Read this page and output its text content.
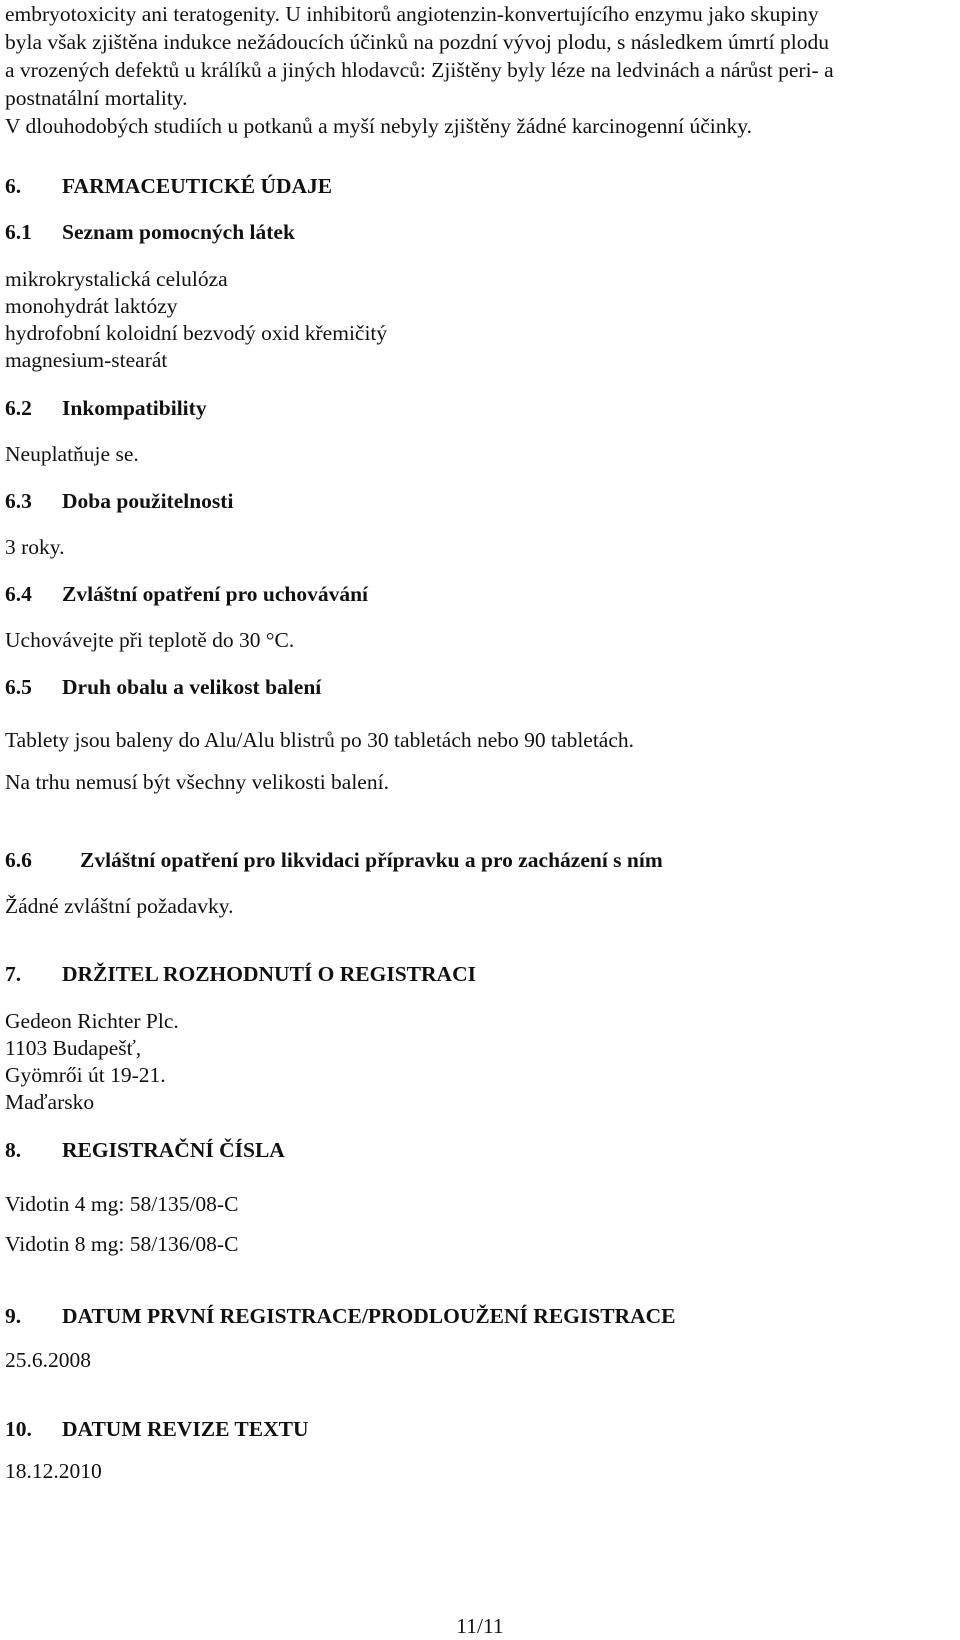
embryotoxicity ani teratogenity. U inhibitorů angiotenzin-konvertujícího enzymu jako skupiny
byla však zjištěna indukce nežádoucích účinků na pozdní vývoj plodu, s následkem úmrtí plodu
a vrozených defektů u králíků a jiných hlodavců: Zjištěny byly léze na ledvinách a nárůst peri- a
postnatální mortality.
V dlouhodobých studiích u potkanů a myší nebyly zjištěny žádné karcinogenní účinky.

6. FARMACEUTICKÉ ÚDAJE
6.1 Seznam pomocných látek
mikrokrystalická celulóza
monohydrát laktózy
hydrofobní koloidní bezvodý oxid křemičitý
magnesium-stearát
6.2 Inkompatibility
Neuplatňuje se.
6.3 Doba použitelnosti
3 roky.
6.4 Zvláštní opatření pro uchovávání
Uchovávejte při teplotě do 30 °C.
6.5 Druh obalu a velikost balení
Tablety jsou baleny do Alu/Alu blistrů po 30 tabletách nebo 90 tabletách.
Na trhu nemusí být všechny velikosti balení.
6.6 Zvláštní opatření pro likvidaci přípravku a pro zacházení s ním
Žádné zvláštní požadavky.
7. DRŽITEL ROZHODNUTÍ O REGISTRACI
Gedeon Richter Plc.
1103 Budapešť,
Gyömrői út 19-21.
Maďarsko
8. REGISTRAČNÍ ČÍSLA
Vidotin 4 mg: 58/135/08-C
Vidotin 8 mg: 58/136/08-C
9. DATUM PRVNÍ REGISTRACE/PRODLOUŽENÍ REGISTRACE
25.6.2008
10. DATUM REVIZE TEXTU
18.12.2010
11/11
